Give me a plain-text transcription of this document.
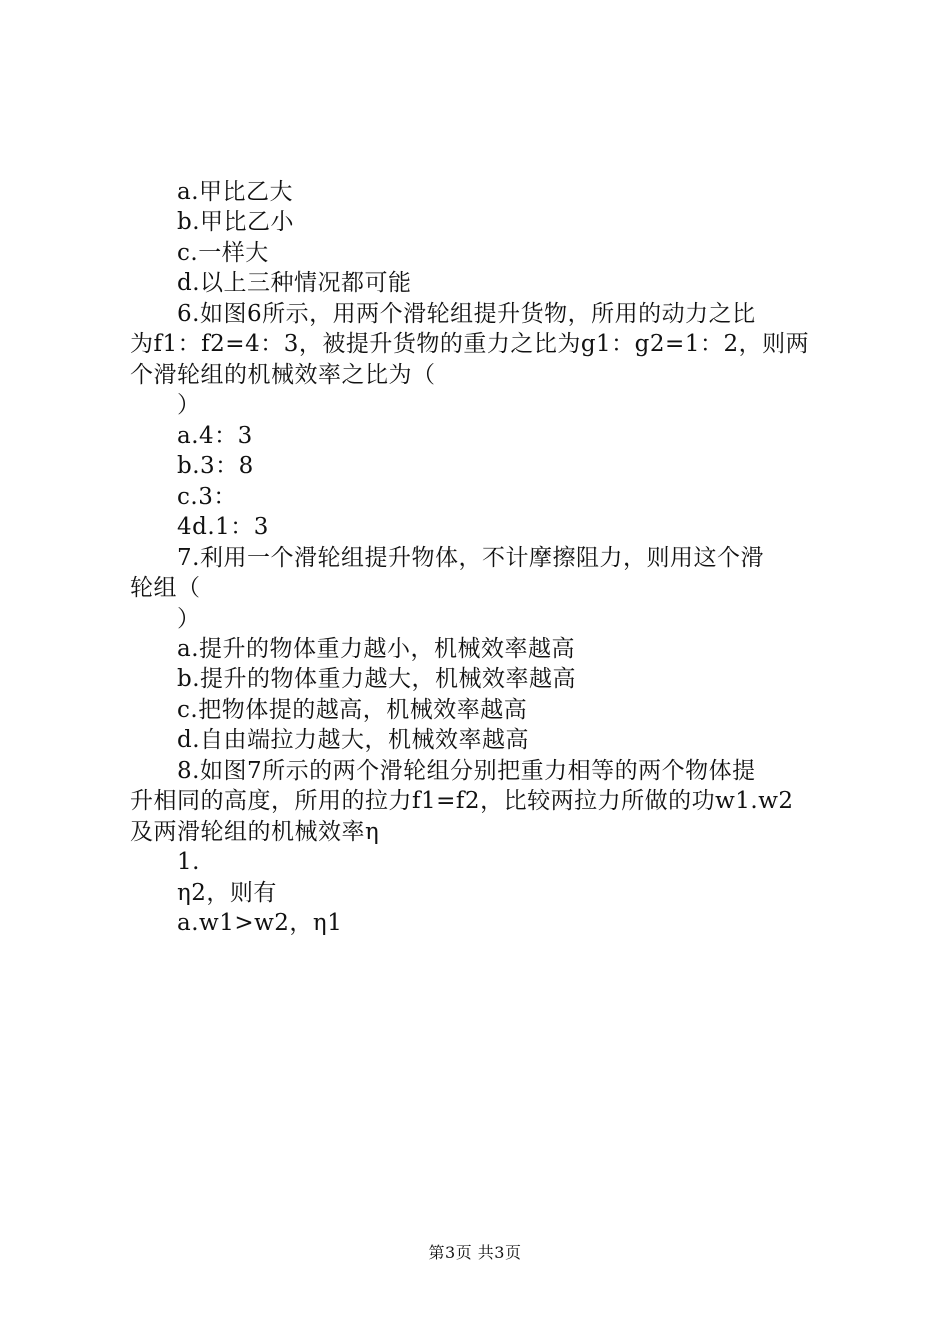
a.甲比乙大
b.甲比乙小
c.一样大
d.以上三种情况都可能
6.如图6所示，用两个滑轮组提升货物，所用的动力之比
为f1：f2=4：3，被提升货物的重力之比为g1：g2=1：2，则两
个滑轮组的机械效率之比为（
）
a.4：3
b.3：8
c.3：
4d.1：3
7.利用一个滑轮组提升物体，不计摩擦阻力，则用这个滑
轮组（
）
a.提升的物体重力越小，机械效率越高
b.提升的物体重力越大，机械效率越高
c.把物体提的越高，机械效率越高
d.自由端拉力越大，机械效率越高
8.如图7所示的两个滑轮组分别把重力相等的两个物体提
升相同的高度，所用的拉力f1=f2，比较两拉力所做的功w1.w2
及两滑轮组的机械效率η
1.
η2，则有
a.w1>w2，η1
第3页 共3页
